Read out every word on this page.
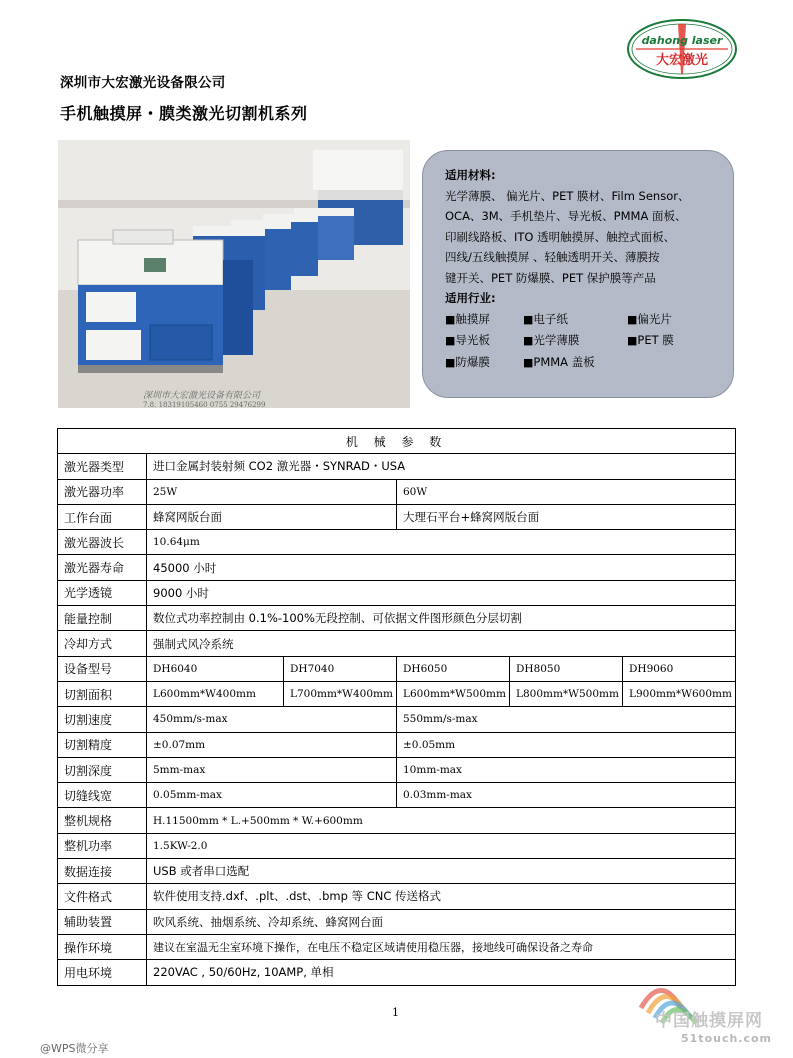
dahong laser
大宏激光
深圳市大宏激光设备限公司
手机触摸屏・膜类激光切割机系列
深圳市大宏激光设备有限公司
7.8. 18319105460 0755 29476299
适用材料:
光学薄膜、 偏光片、PET 膜材、Film Sensor、
OCA、3M、手机垫片、导光板、PMMA 面板、
印刷线路板、ITO 透明触摸屏、触控式面板、
四线/五线触摸屏 、轻触透明开关、薄膜按
键开关、PET 防爆膜、PET 保护膜等产品
适用行业:
■ 触摸屏	■ 电子纸	■ 偏光片
■ 导光板	■ 光学薄膜	■ PET 膜
■ 防爆膜	■ PMMA 盖板
机 械 参 数					
激光器类型	进口金属封装射频 CO2 激光器・SYNRAD・USA				
激光器功率	25W		60W		
工作台面	蜂窝网版台面		大理石平台+蜂窝网版台面		
激光器波长	10.64μm				
激光器寿命	45000 小时				
光学透镜	9000 小时				
能量控制	数位式功率控制由 0.1%-100%无段控制、可依据文件图形颜色分层切割				
冷却方式	强制式风冷系统				
设备型号	DH6040	DH7040	DH6050	DH8050	DH9060
切割面积	L600mm*W400mm	L700mm*W400mm	L600mm*W500mm	L800mm*W500mm	L900mm*W600mm
切割速度	450mm/s-max		550mm/s-max		
切割精度	±0.07mm		±0.05mm		
切割深度	5mm-max		10mm-max		
切缝线宽	0.05mm-max		0.03mm-max		
整机规格	H.11500mm * L.+500mm * W.+600mm				
整机功率	1.5KW-2.0				
数据连接	USB 或者串口选配				
文件格式	软件使用支持.dxf、.plt、.dst、.bmp 等 CNC 传送格式				
辅助装置	吹风系统、抽烟系统、冷却系统、蜂窝网台面				
操作环境	建议在室温无尘室环境下操作，在电压不稳定区域请使用稳压器，接地线可确保设备之寿命				
用电环境	220VAC , 50/60Hz, 10AMP, 单相				
1
@WPS微分享
中国触摸屏网
51touch.com
